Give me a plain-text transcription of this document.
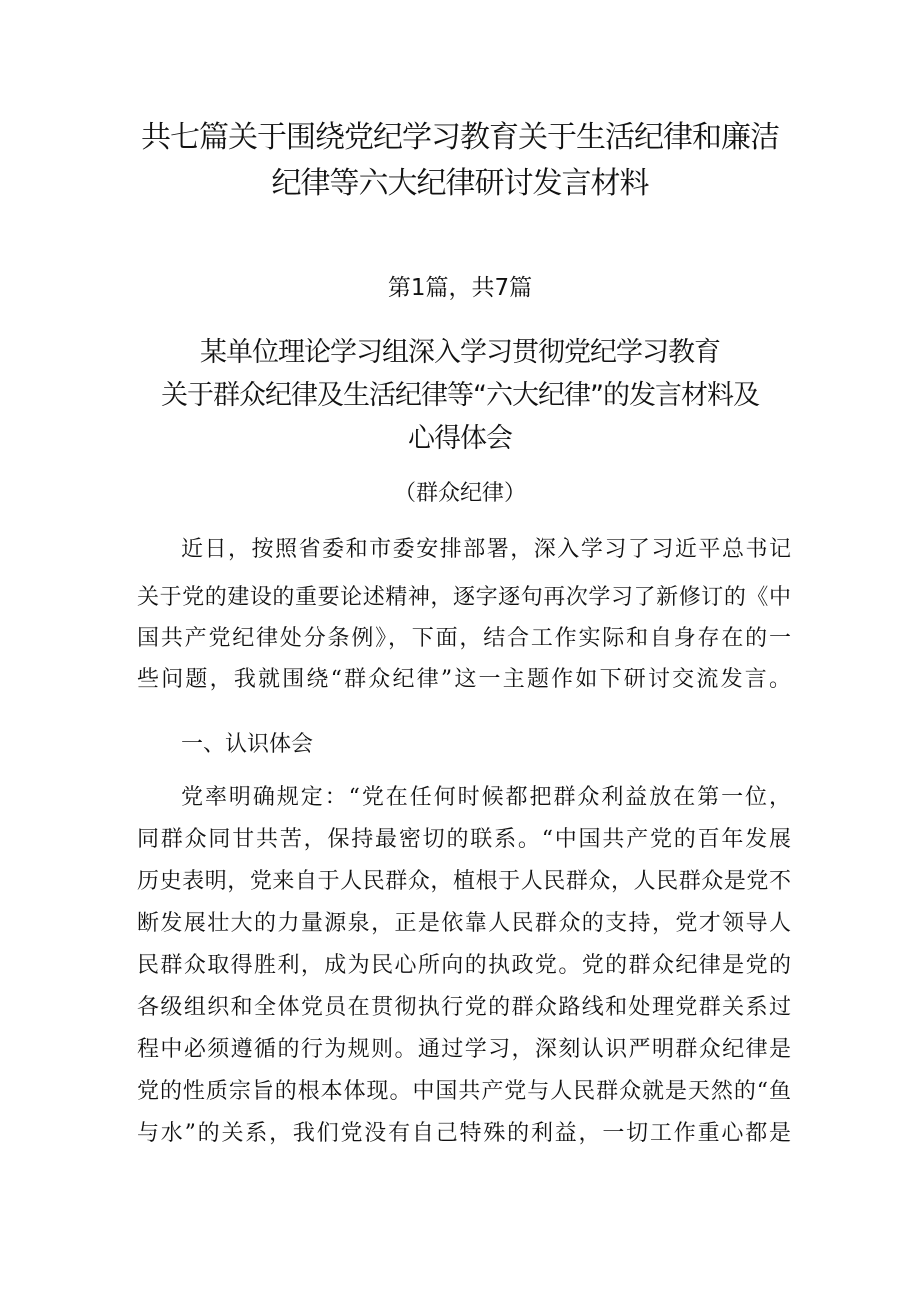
共七篇关于围绕党纪学习教育关于生活纪律和廉洁
纪律等六大纪律研讨发言材料
第1篇，共7篇
某单位理论学习组深入学习贯彻党纪学习教育
关于群众纪律及生活纪律等“六大纪律”的发言材料及
心得体会
（群众纪律）
近日，按照省委和市委安排部署，深入学习了习近平总书记
关于党的建设的重要论述精神，逐字逐句再次学习了新修订的《中
国共产党纪律处分条例》，下面，结合工作实际和自身存在的一
些问题，我就围绕“群众纪律”这一主题作如下研讨交流发言。
一、认识体会
党率明确规定：“党在任何时候都把群众利益放在第一位，
同群众同甘共苦，保持最密切的联系。“中国共产党的百年发展
历史表明，党来自于人民群众，植根于人民群众，人民群众是党不
断发展壮大的力量源泉，正是依靠人民群众的支持，党才领导人
民群众取得胜利，成为民心所向的执政党。党的群众纪律是党的
各级组织和全体党员在贯彻执行党的群众路线和处理党群关系过
程中必须遵循的行为规则。通过学习，深刻认识严明群众纪律是
党的性质宗旨的根本体现。中国共产党与人民群众就是天然的“鱼
与水”的关系，我们党没有自己特殊的利益，一切工作重心都是
